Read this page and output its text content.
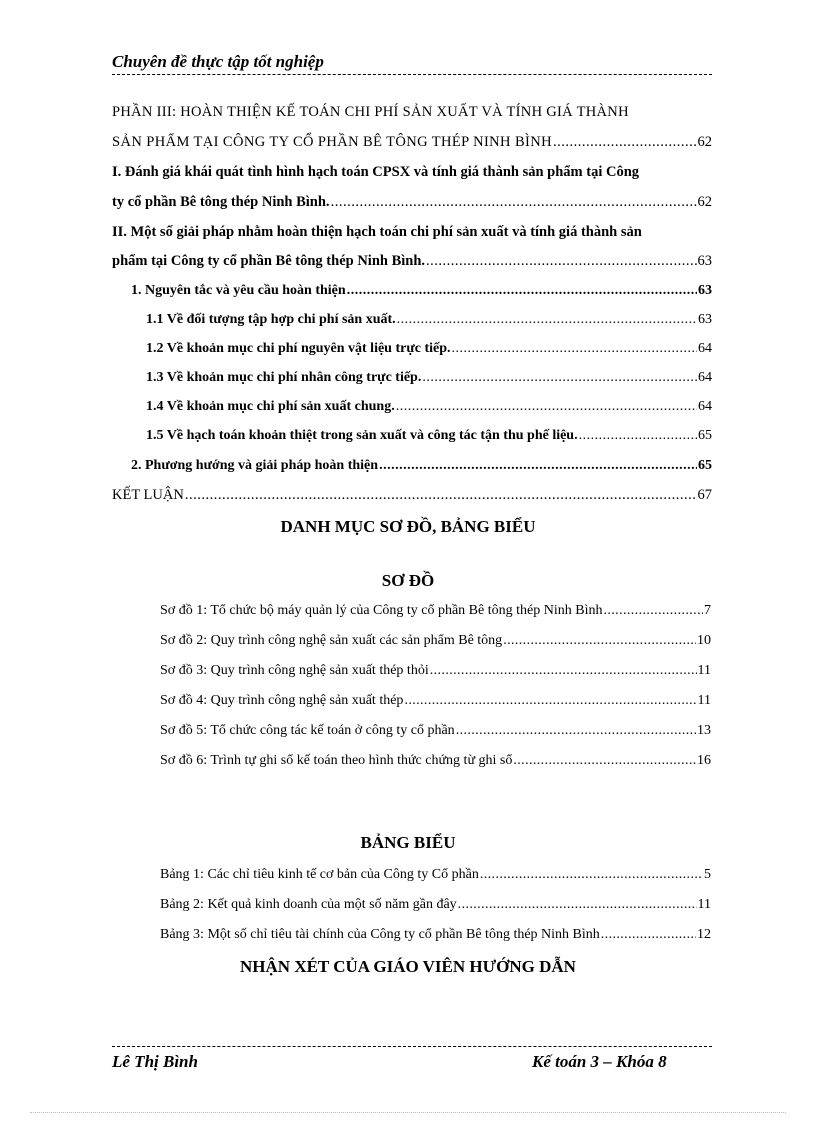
Chuyên đề thực tập tốt nghiệp
PHẦN III: HOÀN THIỆN KẾ TOÁN CHI PHÍ SẢN XUẤT VÀ TÍNH GIÁ THÀNH
SẢN PHẨM TẠI CÔNG TY CỔ PHẦN BÊ TÔNG THÉP NINH BÌNH .....	62
I. Đánh giá khái quát tình hình hạch toán CPSX và tính giá thành sản phẩm tại Công
ty cổ phần Bê tông thép Ninh Bình. .....	62
II. Một số giải pháp nhằm hoàn thiện hạch toán chi phí sản xuất và tính giá thành sản
phẩm tại Công ty cổ phần Bê tông thép Ninh Bình. .....	63
1. Nguyên tắc và yêu cầu hoàn thiện .....	63
1.1 Về đối tượng tập hợp chi phí sản xuất. .....	63
1.2 Về khoản mục chi phí nguyên vật liệu trực tiếp. .....	64
1.3 Về khoản mục chi phí nhân công trực tiếp. .....	64
1.4 Về khoản mục chi phí sản xuất chung. .....	64
1.5 Về hạch toán khoản thiệt trong sản xuất và công tác tận thu phế liệu. .....	65
2. Phương hướng và giải pháp hoàn thiện .....	65
KẾT LUẬN .....	67
DANH MỤC SƠ ĐỒ, BẢNG BIỂU
SƠ ĐỒ
Sơ đồ 1: Tổ chức bộ máy quản lý của Công ty cổ phần Bê tông thép Ninh Bình .....	7
Sơ đồ 2: Quy trình công nghệ sản xuất các sản phẩm Bê tông .....	10
Sơ đồ 3: Quy trình công nghệ sản xuất thép thỏi .....	11
Sơ đồ 4: Quy trình công nghệ sản xuất thép .....	11
Sơ đồ 5: Tổ chức công tác kế toán ở công ty cổ phần .....	13
Sơ đồ 6: Trình tự ghi sổ kế toán theo hình thức chứng từ ghi sổ .....	16
BẢNG BIỂU
Bảng 1: Các chỉ tiêu kinh tế cơ bản của Công ty Cổ phần .....	5
Bảng 2: Kết quả kinh doanh của một số năm gần đây .....	11
Bảng 3: Một số chỉ tiêu tài chính của Công ty cổ phần Bê tông thép Ninh Bình .....	12
NHẬN XÉT CỦA GIÁO VIÊN HƯỚNG DẪN
Lê Thị Bình	Kế toán 3 – Khóa 8
